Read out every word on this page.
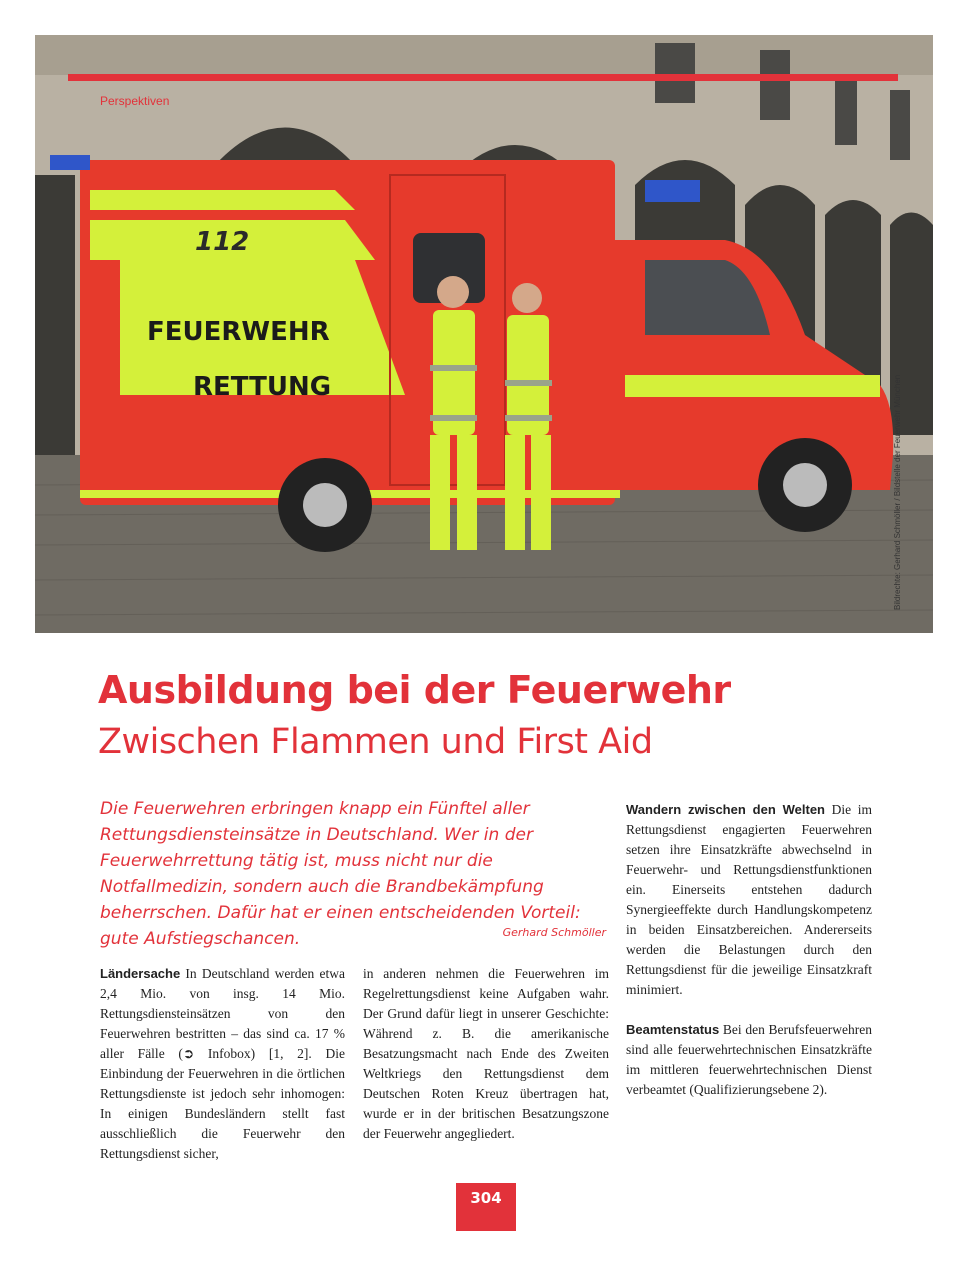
112
FEUERWEHR
RETTUNG
Perspektiven
Bildrechte: Gerhard Schmöller / Bildstelle der Feuerwehr München
Ausbildung bei der Feuerwehr
Zwischen Flammen und First Aid
Die Feuerwehren erbringen knapp ein Fünftel aller Rettungsdiensteinsätze in Deutschland. Wer in der Feuerwehrrettung tätig ist, muss nicht nur die Notfallmedizin, sondern auch die Brandbekämpfung beherrschen. Dafür hat er einen entscheidenden Vorteil: gute Aufstiegschancen.	Gerhard Schmöller
Ländersache In Deutschland werden etwa 2,4 Mio. von insg. 14 Mio. Rettungsdiensteinsätzen von den Feuerwehren bestritten – das sind ca. 17 % aller Fälle (➲ Infobox) [1, 2]. Die Einbindung der Feuerwehren in die örtlichen Rettungsdienste ist jedoch sehr inhomogen: In einigen Bundesländern stellt fast ausschließlich die Feuerwehr den Rettungsdienst sicher,
in anderen nehmen die Feuerwehren im Regelrettungsdienst keine Aufgaben wahr. Der Grund dafür liegt in unserer Geschichte: Während z. B. die amerikanische Besatzungsmacht nach Ende des Zweiten Weltkriegs den Rettungsdienst dem Deutschen Roten Kreuz übertragen hat, wurde er in der britischen Besatzungszone der Feuerwehr angegliedert.

Wandern zwischen den Welten Die im Rettungsdienst engagierten Feuerwehren setzen ihre Einsatzkräfte abwechselnd in Feuerwehr- und Rettungsdienstfunktionen ein. Einerseits entstehen dadurch Synergieeffekte durch Handlungskompetenz in beiden Einsatzbereichen. Andererseits werden die Belastungen durch den Rettungsdienst für die jeweilige Einsatzkraft minimiert.

Beamtenstatus Bei den Berufsfeuerwehren sind alle feuerwehrtechnischen Einsatzkräfte im mittleren feuerwehrtechnischen Dienst verbeamtet (Qualifizierungsebene 2).

304
